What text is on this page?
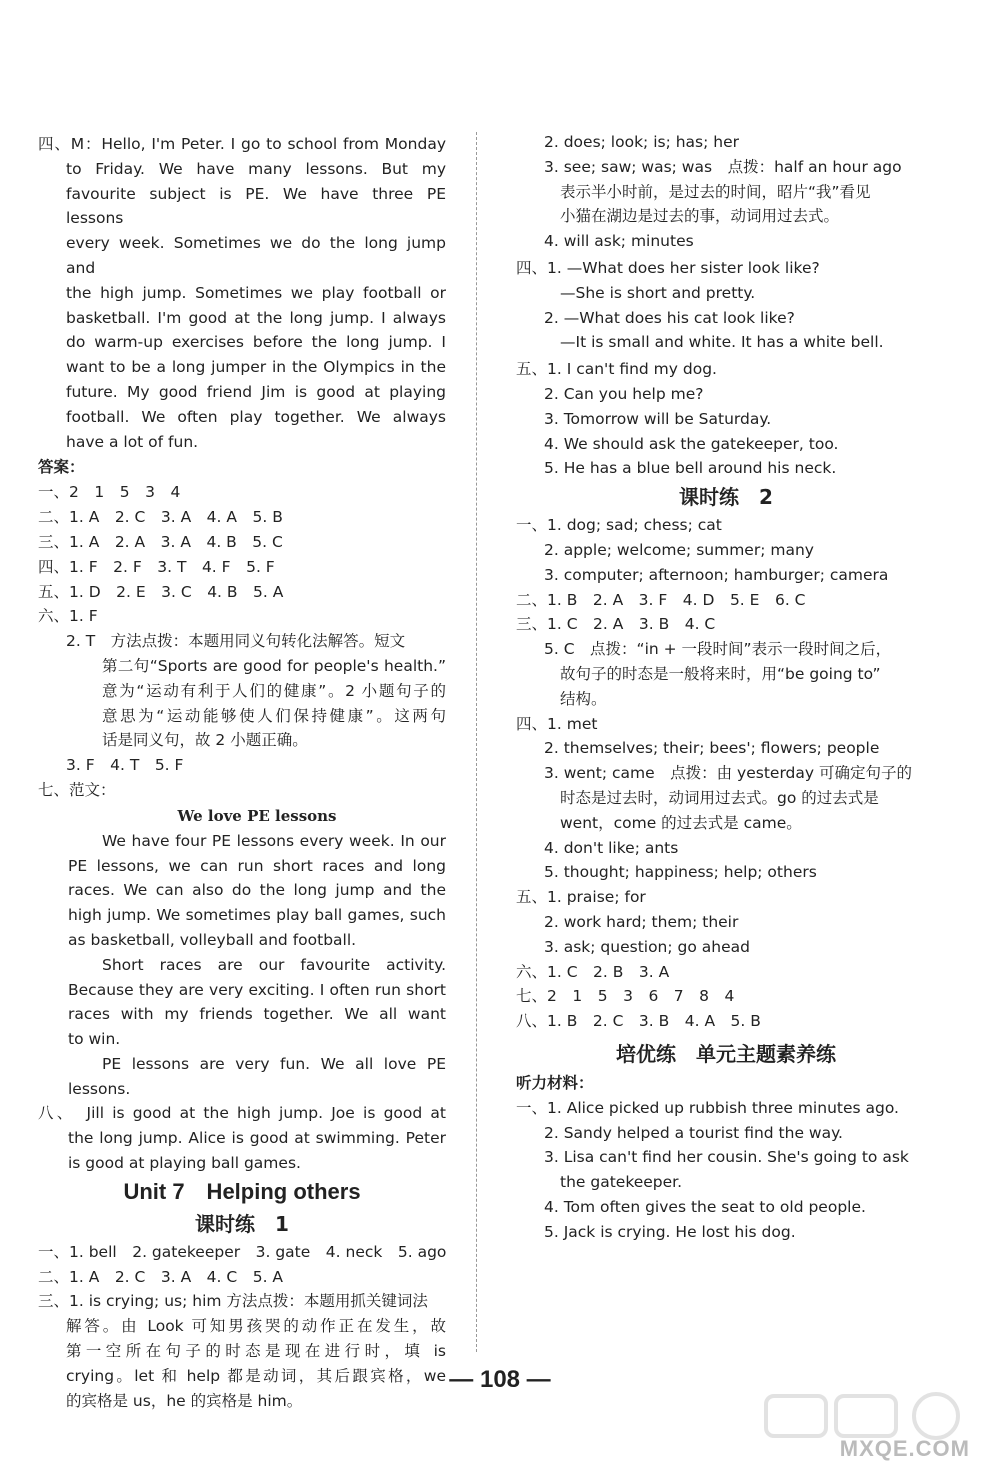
四、M：Hello, I'm Peter. I go to school from Monday
to Friday. We have many lessons. But my
favourite subject is PE. We have three PE lessons
every week. Sometimes we do the long jump and
the high jump. Sometimes we play football or
basketball. I'm good at the long jump. I always
do warm-up exercises before the long jump. I
want to be a long jumper in the Olympics in the
future. My good friend Jim is good at playing
football. We often play together. We always
have a lot of fun.
答案：
一、2　1　5　3　4
二、1. A　2. C　3. A　4. A　5. B
三、1. A　2. A　3. A　4. B　5. C
四、1. F　2. F　3. T　4. F　5. F
五、1. D　2. E　3. C　4. B　5. A
六、1. F
2. T　方法点拨：本题用同义句转化法解答。短文
第二句“Sports are good for people's health.”
意为“运动有利于人们的健康”。2 小题句子的
意思为“运动能够使人们保持健康”。这两句
话是同义句，故 2 小题正确。
3. F　4. T　5. F
七、范文：
We love PE lessons
We have four PE lessons every week. In our
PE lessons, we can run short races and long
races. We can also do the long jump and the
high jump. We sometimes play ball games, such
as basketball, volleyball and football.
Short races are our favourite activity.
Because they are very exciting. I often run short
races with my friends together. We all want
to win.
PE lessons are very fun. We all love PE
lessons.
八、　Jill is good at the high jump. Joe is good at
the long jump. Alice is good at swimming. Peter
is good at playing ball games.
Unit 7　Helping others
课时练　1
一、1. bell　2. gatekeeper　3. gate　4. neck　5. ago
二、1. A　2. C　3. A　4. C　5. A
三、1. is crying; us; him 方法点拨：本题用抓关键词法
解答。由 Look 可知男孩哭的动作正在发生，故
第一空所在句子的时态是现在进行时，填 is
crying。let 和 help 都是动词，其后跟宾格，we
的宾格是 us，he 的宾格是 him。
2. does; look; is; has; her
3. see; saw; was; was　点拨：half an hour ago
表示半小时前，是过去的时间，昭片“我”看见
小猫在湖边是过去的事，动词用过去式。
4. will ask; minutes
四、1. —What does her sister look like?
—She is short and pretty.
2. —What does his cat look like?
—It is small and white. It has a white bell.
五、1. I can't find my dog.
2. Can you help me?
3. Tomorrow will be Saturday.
4. We should ask the gatekeeper, too.
5. He has a blue bell around his neck.
课时练　2
一、1. dog; sad; chess; cat
2. apple; welcome; summer; many
3. computer; afternoon; hamburger; camera
二、1. B　2. A　3. F　4. D　5. E　6. C
三、1. C　2. A　3. B　4. C
5. C　点拨：“in + 一段时间”表示一段时间之后，
故句子的时态是一般将来时，用“be going to”
结构。
四、1. met
2. themselves; their; bees'; flowers; people
3. went; came　点拨：由 yesterday 可确定句子的
时态是过去时，动词用过去式。go 的过去式是
went，come 的过去式是 came。
4. don't like; ants
5. thought; happiness; help; others
五、1. praise; for
2. work hard; them; their
3. ask; question; go ahead
六、1. C　2. B　3. A
七、2　1　5　3　6　7　8　4
八、1. B　2. C　3. B　4. A　5. B
培优练　单元主题素养练
听力材料：
一、1. Alice picked up rubbish three minutes ago.
2. Sandy helped a tourist find the way.
3. Lisa can't find her cousin. She's going to ask
the gatekeeper.
4. Tom often gives the seat to old people.
5. Jack is crying. He lost his dog.
— 108 —
MXQE.COM
